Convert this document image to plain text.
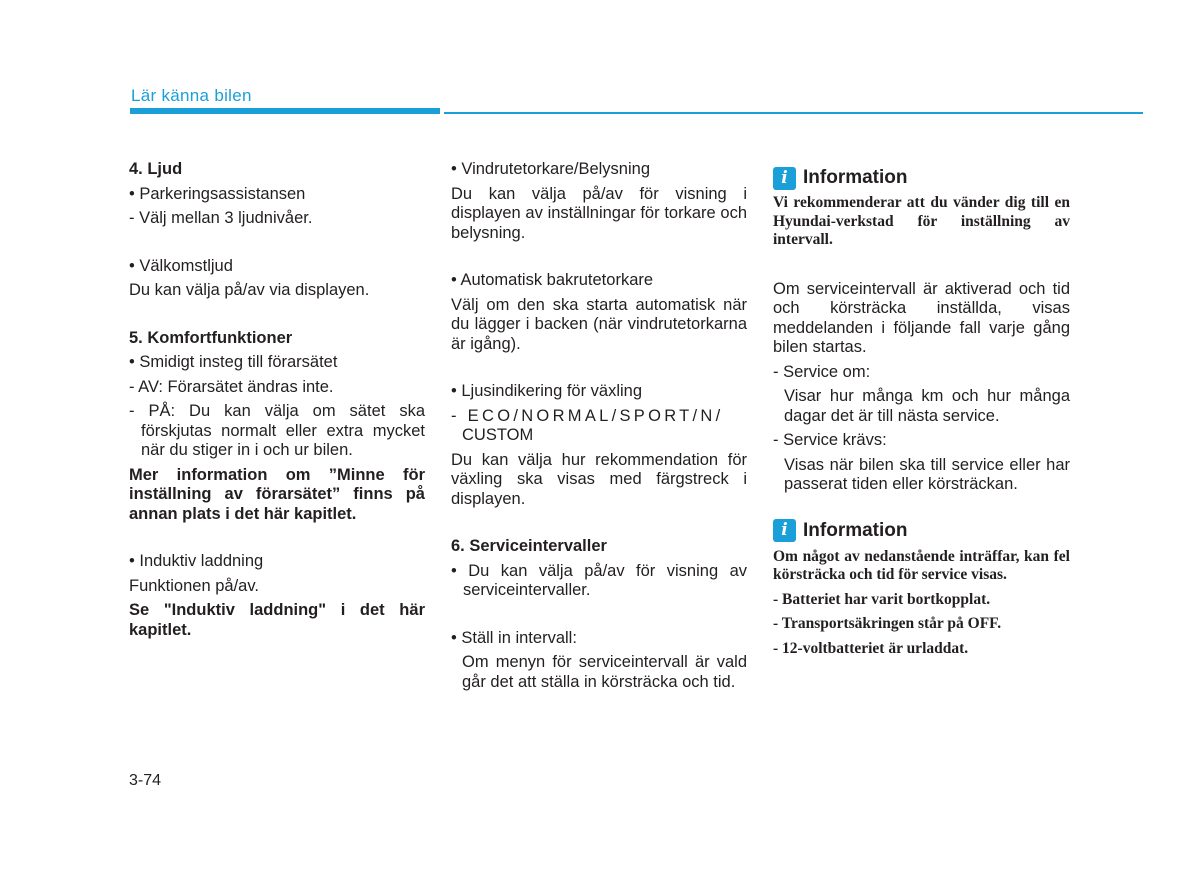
Lär känna bilen

4. Ljud

• Parkeringsassistansen

- Välj mellan 3 ljudnivåer.

• Välkomstljud

Du kan välja på/av via displayen.

5. Komfortfunktioner

• Smidigt insteg till förarsätet

- AV: Förarsätet ändras inte.

- PÅ: Du kan välja om sätet ska förskjutas normalt eller extra mycket när du stiger in i och ur bilen.

Mer information om ”Minne för inställning av förarsätet” finns på annan plats i det här kapitlet.

• Induktiv laddning

Funktionen på/av.

Se "Induktiv laddning" i det här kapitlet.

• Vindrutetorkare/Belysning

Du kan välja på/av för visning i displayen av inställningar för torkare och belysning.

• Automatisk bakrutetorkare

Välj om den ska starta automatisk när du lägger i backen (när vindrutetorkarna är igång).

• Ljusindikering för växling

- ECO/NORMAL/SPORT/N/

CUSTOM

Du kan välja hur rekommendation för växling ska visas med färgstreck i displayen.

6. Serviceintervaller

• Du kan välja på/av för visning av serviceintervaller.

• Ställ in intervall:

Om menyn för serviceintervall är vald går det att ställa in körsträcka och tid.

i Information

Vi rekommenderar att du vänder dig till en Hyundai-verkstad för inställning av intervall.

Om serviceintervall är aktiverad och tid och körsträcka inställda, visas meddelanden i följande fall varje gång bilen startas.

- Service om:

Visar hur många km och hur många dagar det är till nästa service.

- Service krävs:

Visas när bilen ska till service eller har passerat tiden eller körsträckan.

i Information

Om något av nedanstående inträffar, kan fel körsträcka och tid för service visas.

- Batteriet har varit bortkopplat.

- Transportsäkringen står på OFF.

- 12-voltbatteriet är urladdat.

3-74
